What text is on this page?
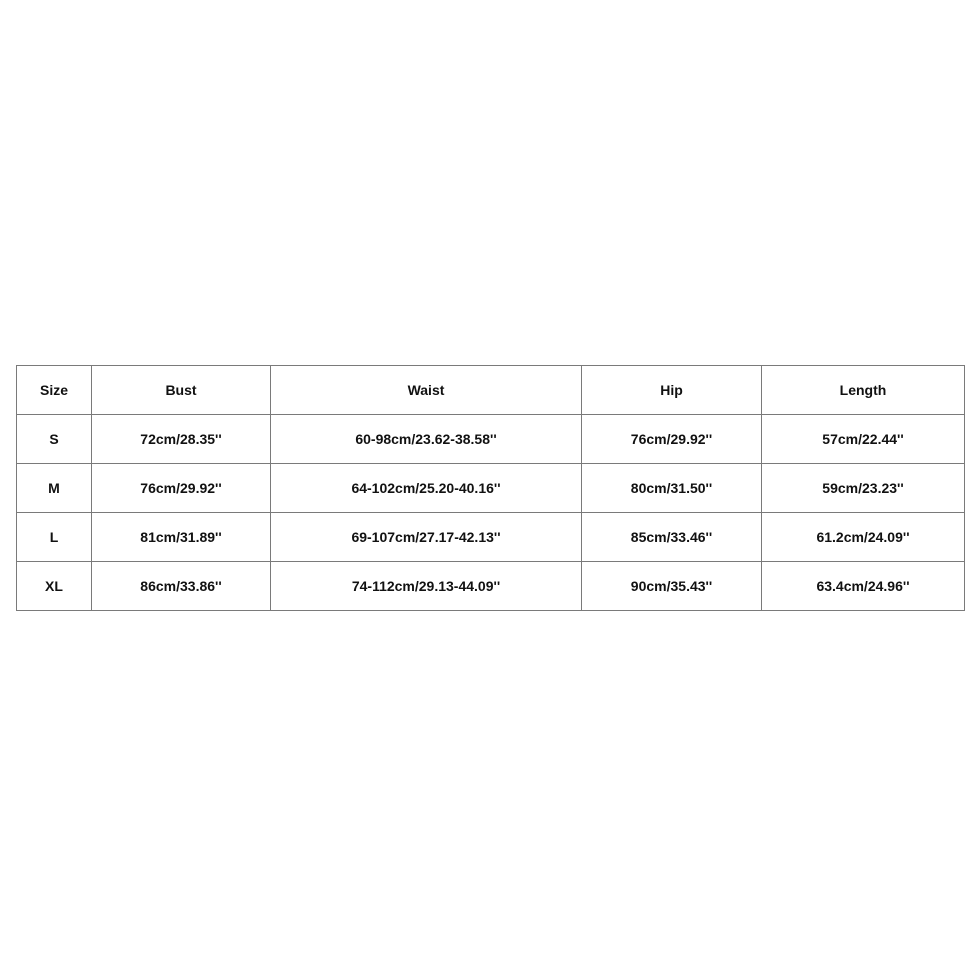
Size	Bust	Waist	Hip	Length
S	72cm/28.35''	60-98cm/23.62-38.58''	76cm/29.92''	57cm/22.44''
M	76cm/29.92''	64-102cm/25.20-40.16''	80cm/31.50''	59cm/23.23''
L	81cm/31.89''	69-107cm/27.17-42.13''	85cm/33.46''	61.2cm/24.09''
XL	86cm/33.86''	74-112cm/29.13-44.09''	90cm/35.43''	63.4cm/24.96''
